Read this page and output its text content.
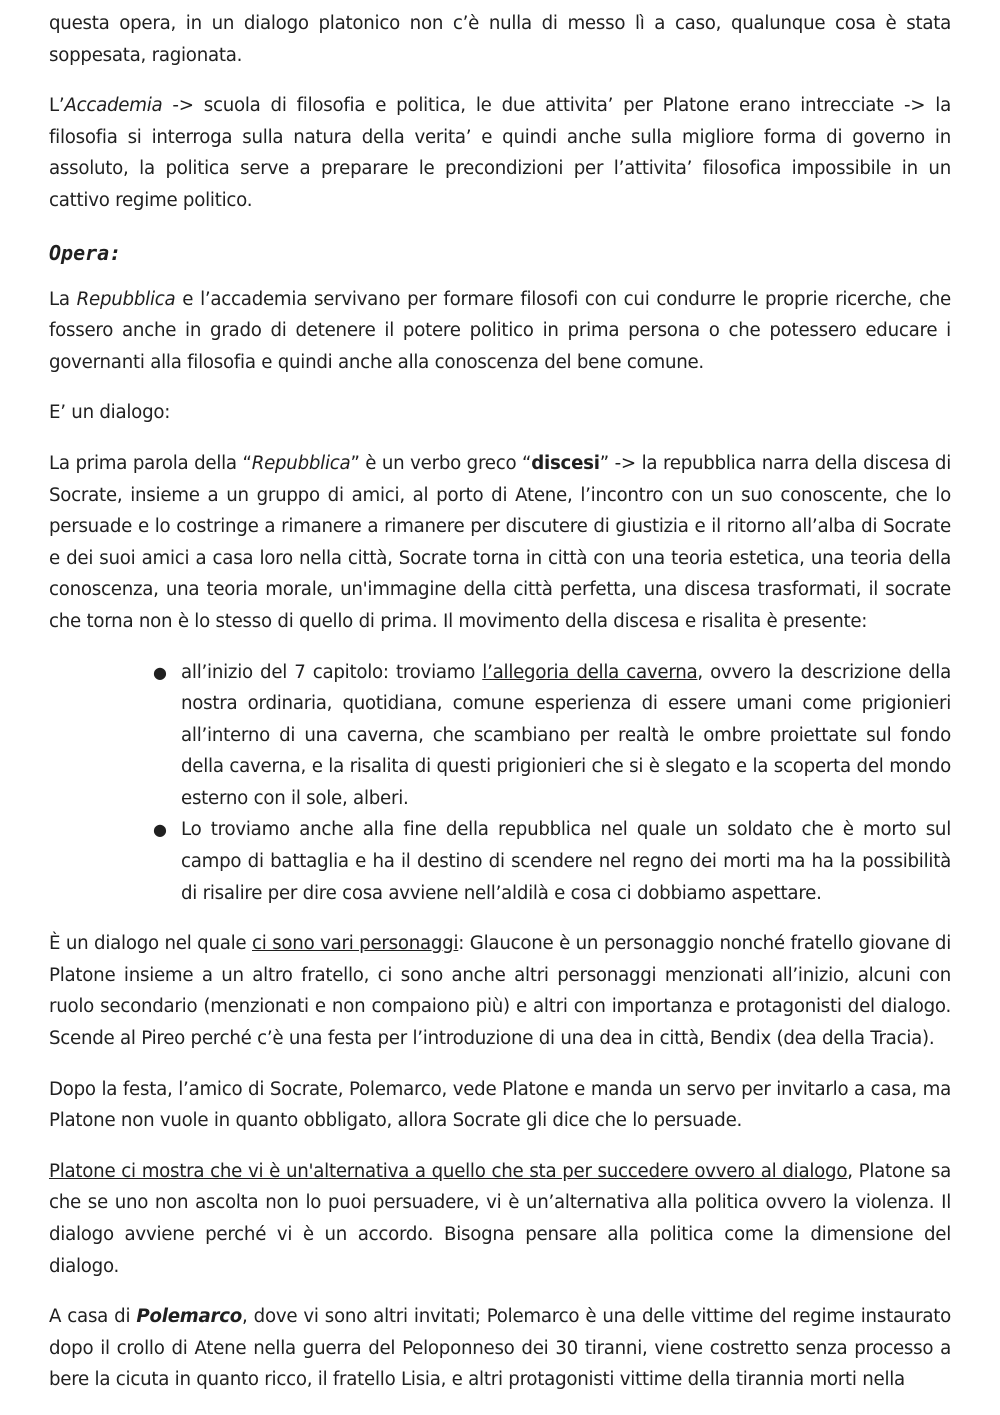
questa opera, in un dialogo platonico non c’è nulla di messo lì a caso, qualunque cosa è stata soppesata, ragionata.

L’Accademia -> scuola di filosofia e politica, le due attivita’ per Platone erano intrecciate -> la filosofia si interroga sulla natura della verita’ e quindi anche sulla migliore forma di governo in assoluto, la politica serve a preparare le precondizioni per l’attivita’ filosofica impossibile in un cattivo regime politico.

Opera:

La Repubblica e l’accademia servivano per formare filosofi con cui condurre le proprie ricerche, che fossero anche in grado di detenere il potere politico in prima persona o che potessero educare i governanti alla filosofia e quindi anche alla conoscenza del bene comune.

E’ un dialogo:

La prima parola della “Repubblica” è un verbo greco “discesi” -> la repubblica narra della discesa di Socrate, insieme a un gruppo di amici, al porto di Atene, l’incontro con un suo conoscente, che lo persuade e lo costringe a rimanere a rimanere per discutere di giustizia e il ritorno all’alba di Socrate e dei suoi amici a casa loro nella città, Socrate torna in città con una teoria estetica, una teoria della conoscenza, una teoria morale, un'immagine della città perfetta, una discesa trasformati, il socrate che torna non è lo stesso di quello di prima. Il movimento della discesa e risalita è presente:

● all’inizio del 7 capitolo: troviamo l’allegoria della caverna, ovvero la descrizione della nostra ordinaria, quotidiana, comune esperienza di essere umani come prigionieri all’interno di una caverna, che scambiano per realtà le ombre proiettate sul fondo della caverna, e la risalita di questi prigionieri che si è slegato e la scoperta del mondo esterno con il sole, alberi.
● Lo troviamo anche alla fine della repubblica nel quale un soldato che è morto sul campo di battaglia e ha il destino di scendere nel regno dei morti ma ha la possibilità di risalire per dire cosa avviene nell’aldilà e cosa ci dobbiamo aspettare.

È un dialogo nel quale ci sono vari personaggi: Glaucone è un personaggio nonché fratello giovane di Platone insieme a un altro fratello, ci sono anche altri personaggi menzionati all’inizio, alcuni con ruolo secondario (menzionati e non compaiono più) e altri con importanza e protagonisti del dialogo. Scende al Pireo perché c’è una festa per l’introduzione di una dea in città, Bendix (dea della Tracia).

Dopo la festa, l’amico di Socrate, Polemarco, vede Platone e manda un servo per invitarlo a casa, ma Platone non vuole in quanto obbligato, allora Socrate gli dice che lo persuade.

Platone ci mostra che vi è un'alternativa a quello che sta per succedere ovvero al dialogo, Platone sa che se uno non ascolta non lo puoi persuadere, vi è un’alternativa alla politica ovvero la violenza. Il dialogo avviene perché vi è un accordo. Bisogna pensare alla politica come la dimensione del dialogo.

A casa di Polemarco, dove vi sono altri invitati; Polemarco è una delle vittime del regime instaurato dopo il crollo di Atene nella guerra del Peloponneso dei 30 tiranni, viene costretto senza processo a bere la cicuta in quanto ricco, il fratello Lisia, e altri protagonisti vittime della tirannia morti nella
